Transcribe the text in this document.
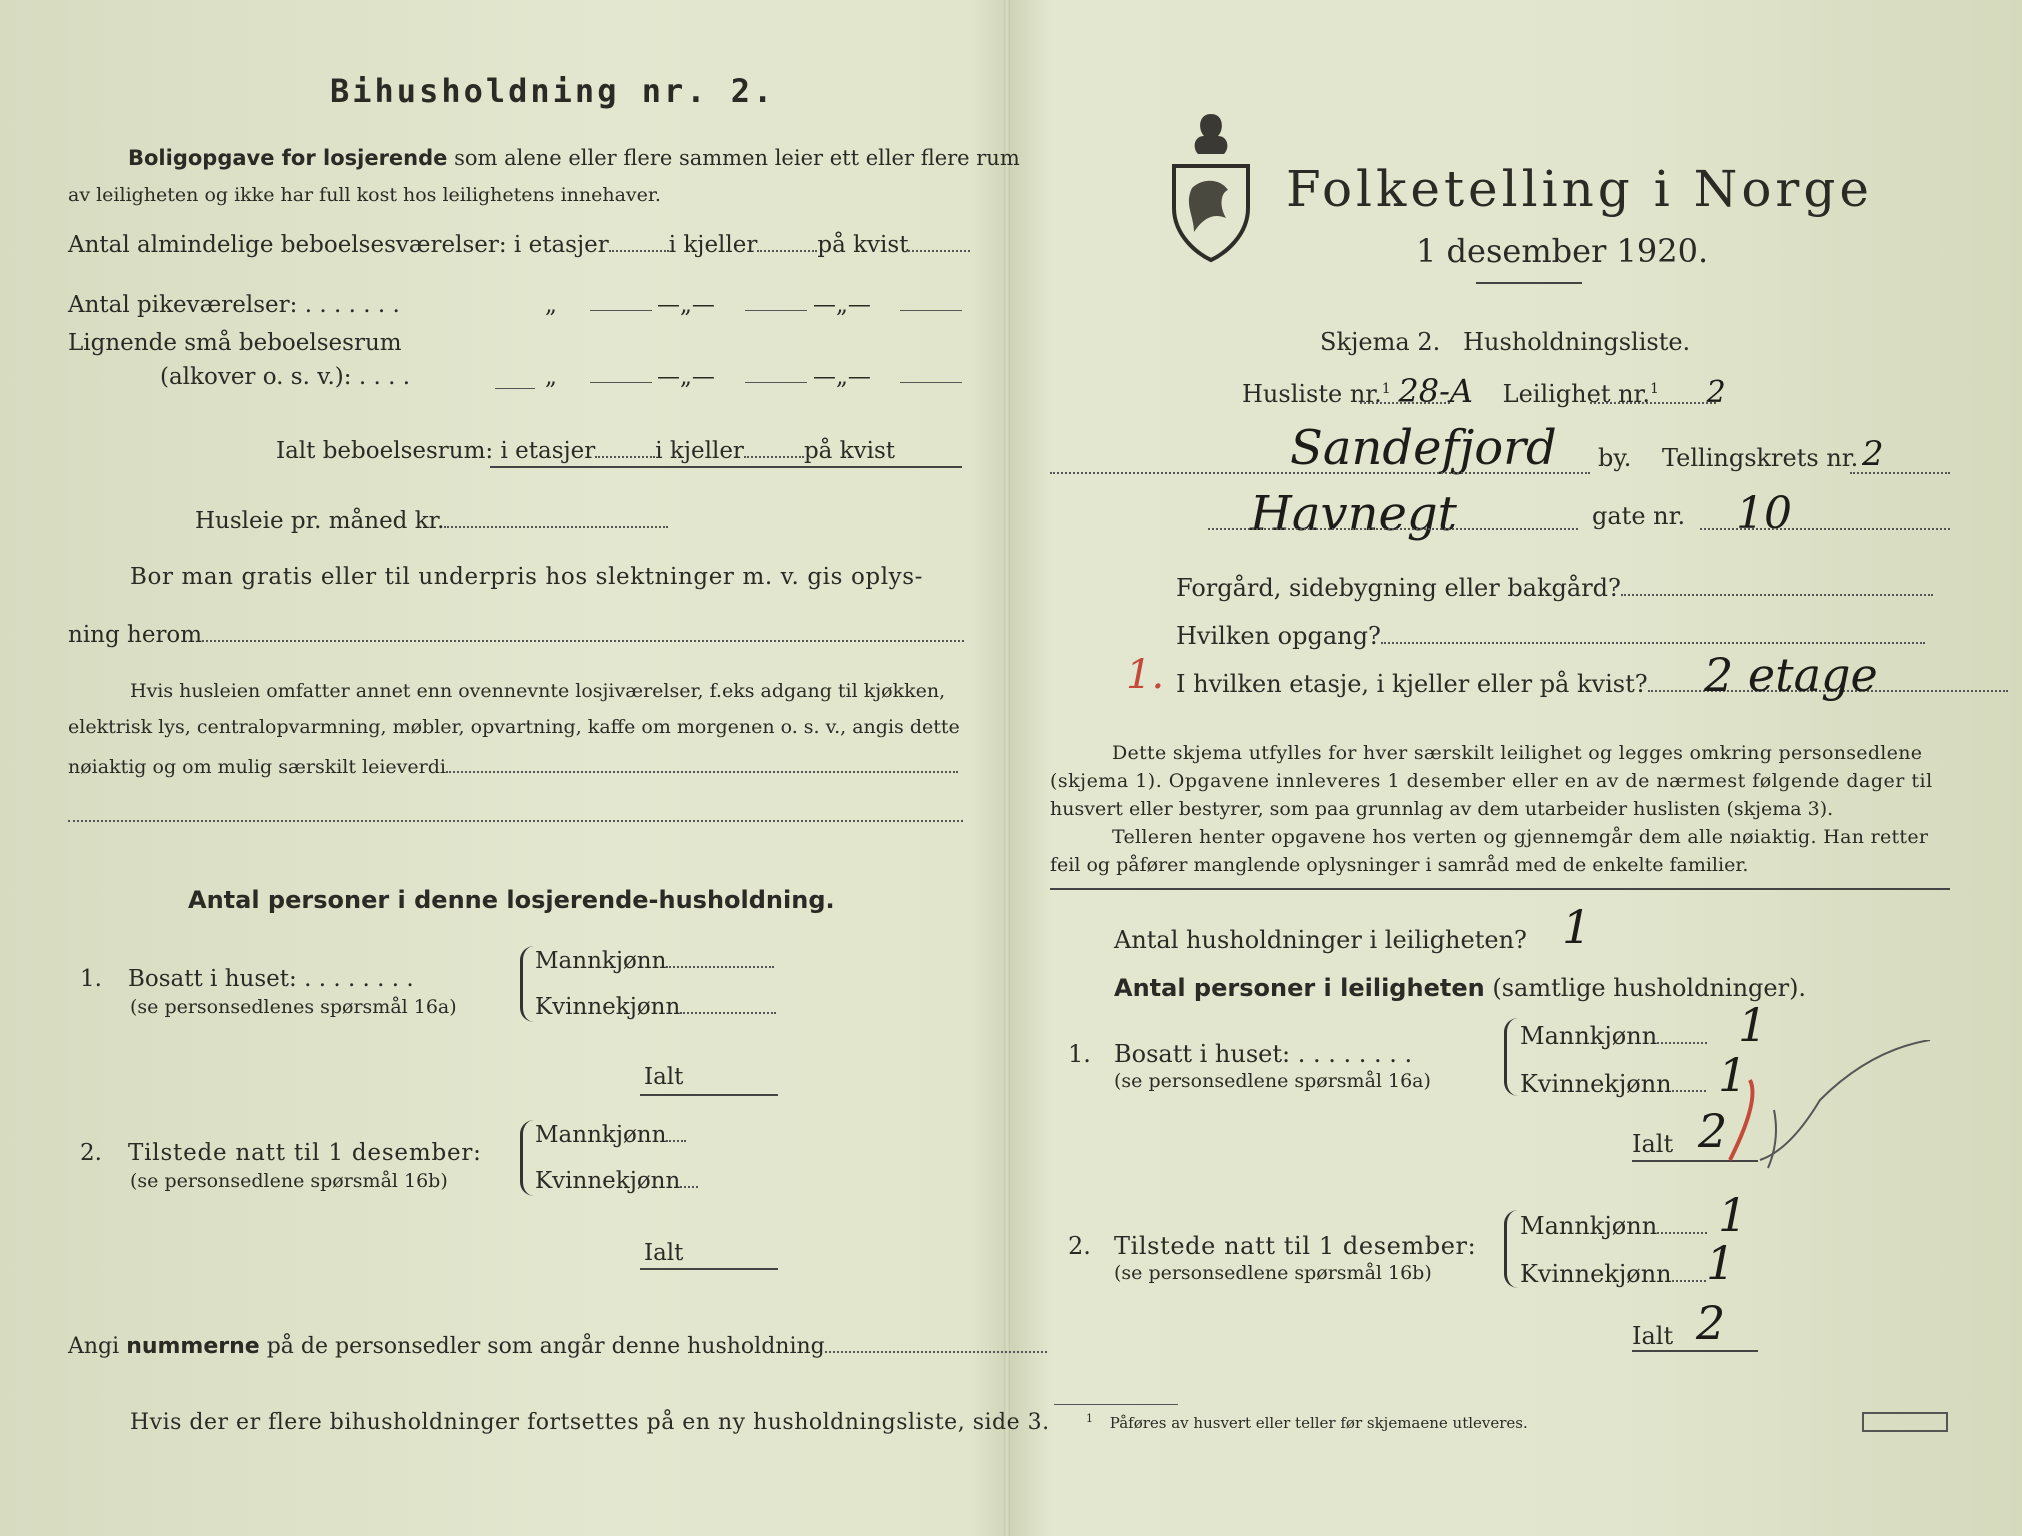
Bihusholdning nr. 2.
Boligopgave for losjerende som alene eller flere sammen leier ett eller flere rum
av leiligheten og ikke har full kost hos leilighetens innehaver.
Antal almindelige beboelsesværelser: i etasjer	i kjeller	på kvist
Antal pikeværelser: . . . . . . .	„	—„—	—„—
Lignende små beboelsesrum
(alkover o. s. v.): . . . .	„	—„—	—„—
Ialt beboelsesrum: i etasjer	i kjeller	på kvist
Husleie pr. måned kr.
Bor man gratis eller til underpris hos slektninger m. v. gis oplys-
ning herom
Hvis husleien omfatter annet enn ovennevnte losjiværelser, f.eks adgang til kjøkken,
elektrisk lys, centralopvarmning, møbler, opvartning, kaffe om morgenen o. s. v., angis dette
nøiaktig og om mulig særskilt leieverdi
Antal personer i denne losjerende-husholdning.
1. Bosatt i huset: . . . . . . . .
(se personsedlenes spørsmål 16a)
Mannkjønn
Kvinnekjønn
Ialt
2. Tilstede natt til 1 desember:
(se personsedlene spørsmål 16b)
Mannkjønn
Kvinnekjønn
Ialt
Angi nummerne på de personsedler som angår denne husholdning
Hvis der er flere bihusholdninger fortsettes på en ny husholdningsliste, side 3.
Folketelling i Norge
1 desember 1920.
Skjema 2.   Husholdningsliste.
Husliste nr.$^1$ 28-A Leilighet nr.$^1$ 2
Sandefjord by. Tellingskrets nr. 2
Havnegt	gate nr. 10
Forgård, sidebygning eller bakgård?
Hvilken opgang?
1. I hvilken etasje, i kjeller eller på kvist?	2 etage
Dette skjema utfylles for hver særskilt leilighet og legges omkring personsedlene
(skjema 1). Opgavene innleveres 1 desember eller en av de nærmest følgende dager til
husvert eller bestyrer, som paa grunnlag av dem utarbeider huslisten (skjema 3).
Telleren henter opgavene hos verten og gjennemgår dem alle nøiaktig. Han retter
feil og påfører manglende oplysninger i samråd med de enkelte familier.
Antal husholdninger i leiligheten? 1
Antal personer i leiligheten (samtlige husholdninger).
1. Bosatt i huset: . . . . . . . .
(se personsedlene spørsmål 16a)
Mannkjønn	1
Kvinnekjønn	1
Ialt 2
2. Tilstede natt til 1 desember:
(se personsedlene spørsmål 16b)
Mannkjønn	1
Kvinnekjønn 1
Ialt 2
$^1$ Påføres av husvert eller teller før skjemaene utleveres.
